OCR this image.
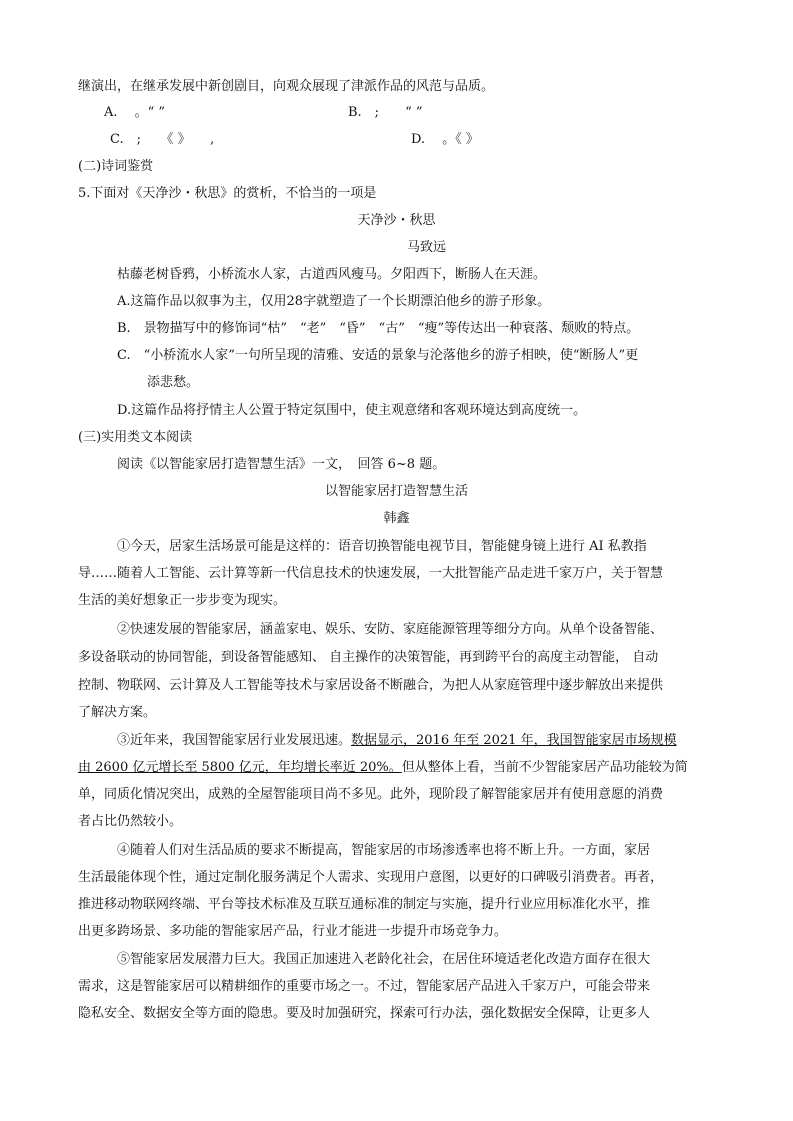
继演出，在继承发展中新创剧目，向观众展现了津派作品的风范与品质。
A.　 。“ ”	B.　;　　“ ”
C.　;　　《 》　　,	D.　 。《 》
(二)诗词鉴赏
5.下面对《天净沙・秋思》的赏析，不恰当的一项是
天净沙・秋思
马致远
枯藤老树昏鸦，小桥流水人家，古道西风瘦马。夕阳西下，断肠人在天涯。
A.这篇作品以叙事为主，仅用28字就塑造了一个长期漂泊他乡的游子形象。
B.　景物描写中的修饰词“枯”　“老”　“昏”　“古”　“瘦”等传达出一种衰落、颓败的特点。
C.　“小桥流水人家”一句所呈现的清雅、安适的景象与沦落他乡的游子相映，使“断肠人”更
添悲愁。
D.这篇作品将抒情主人公置于特定氛围中，使主观意绪和客观环境达到高度统一。
(三)实用类文本阅读
阅读《以智能家居打造智慧生活》一文，　回答 6~8 题。
以智能家居打造智慧生活
韩鑫
①今天，居家生活场景可能是这样的：语音切换智能电视节目，智能健身镜上进行 AI 私教指
导……随着人工智能、云计算等新一代信息技术的快速发展，一大批智能产品走进千家万户，关于智慧
生活的美好想象正一步步变为现实。
②快速发展的智能家居，涵盖家电、娱乐、安防、家庭能源管理等细分方向。从单个设备智能、
多设备联动的协同智能，到设备智能感知、 自主操作的决策智能，再到跨平台的高度主动智能， 自动
控制、物联网、云计算及人工智能等技术与家居设备不断融合，为把人从家庭管理中逐步解放出来提供
了解决方案。
③近年来，我国智能家居行业发展迅速。数据显示，2016 年至 2021 年，我国智能家居市场规模
由 2600 亿元增长至 5800 亿元，年均增长率近 20%。但从整体上看，当前不少智能家居产品功能较为简
单，同质化情况突出，成熟的全屋智能项目尚不多见。此外，现阶段了解智能家居并有使用意愿的消费
者占比仍然较小。
④随着人们对生活品质的要求不断提高，智能家居的市场渗透率也将不断上升。一方面，家居
生活最能体现个性，通过定制化服务满足个人需求、实现用户意图，以更好的口碑吸引消费者。再者，
推进移动物联网终端、平台等技术标准及互联互通标准的制定与实施，提升行业应用标准化水平，推
出更多跨场景、多功能的智能家居产品，行业才能进一步提升市场竞争力。
⑤智能家居发展潜力巨大。我国正加速进入老龄化社会，在居住环境适老化改造方面存在很大
需求，这是智能家居可以精耕细作的重要市场之一。不过，智能家居产品进入千家万户，可能会带来
隐私安全、数据安全等方面的隐患。要及时加强研究，探索可行办法，强化数据安全保障，让更多人
